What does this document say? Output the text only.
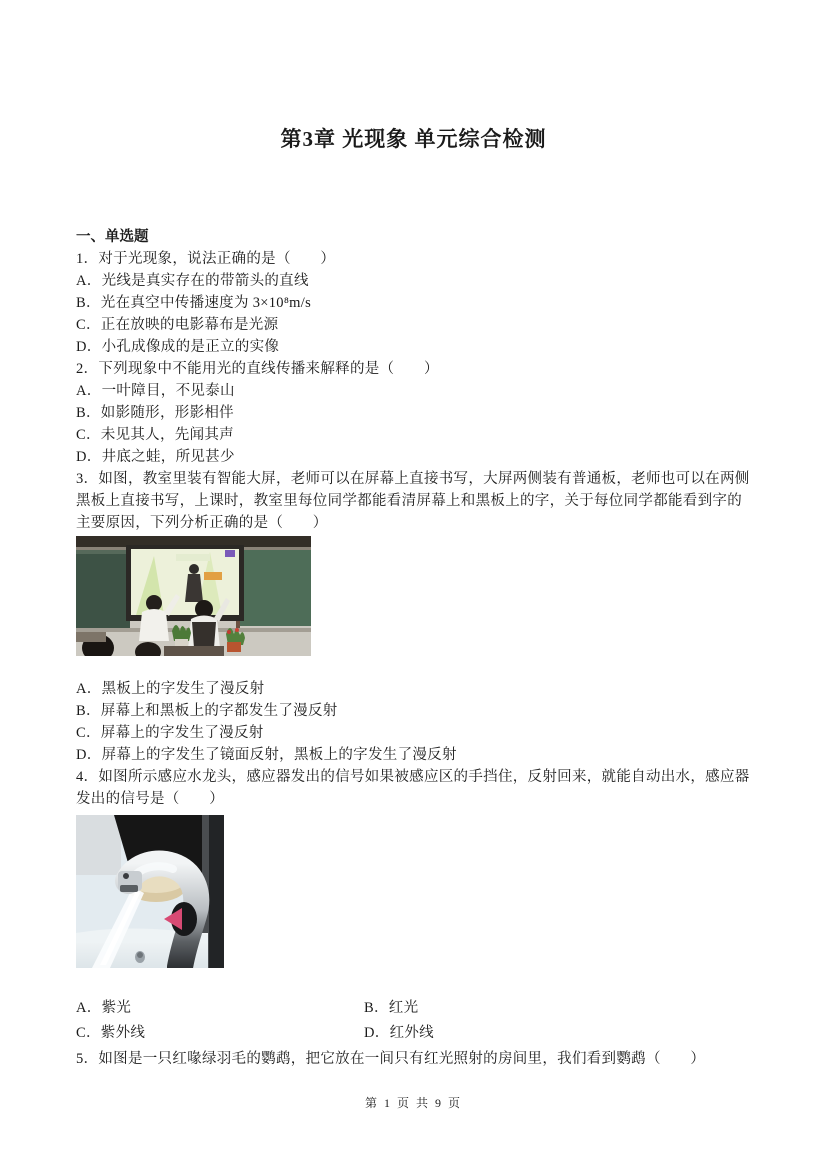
第3章 光现象 单元综合检测
一、单选题

1．对于光现象，说法正确的是（　　）

A．光线是真实存在的带箭头的直线

B．光在真空中传播速度为 3×10⁸m/s

C．正在放映的电影幕布是光源

D．小孔成像成的是正立的实像

2．下列现象中不能用光的直线传播来解释的是（　　）

A．一叶障目，不见泰山

B．如影随形，形影相伴

C．未见其人，先闻其声

D．井底之蛙，所见甚少

3．如图，教室里装有智能大屏，老师可以在屏幕上直接书写，大屏两侧装有普通板，老师也可以在两侧黑板上直接书写，上课时，教室里每位同学都能看清屏幕上和黑板上的字，关于每位同学都能看到字的主要原因，下列分析正确的是（　　）

A．黑板上的字发生了漫反射

B．屏幕上和黑板上的字都发生了漫反射

C．屏幕上的字发生了漫反射

D．屏幕上的字发生了镜面反射，黑板上的字发生了漫反射

4．如图所示感应水龙头，感应器发出的信号如果被感应区的手挡住，反射回来，就能自动出水，感应器发出的信号是（　　）

A．紫光	B．红光
C．紫外线	D．红外线

5．如图是一只红喙绿羽毛的鹦鹉，把它放在一间只有红光照射的房间里，我们看到鹦鹉（　　）

第 1 页 共 9 页
